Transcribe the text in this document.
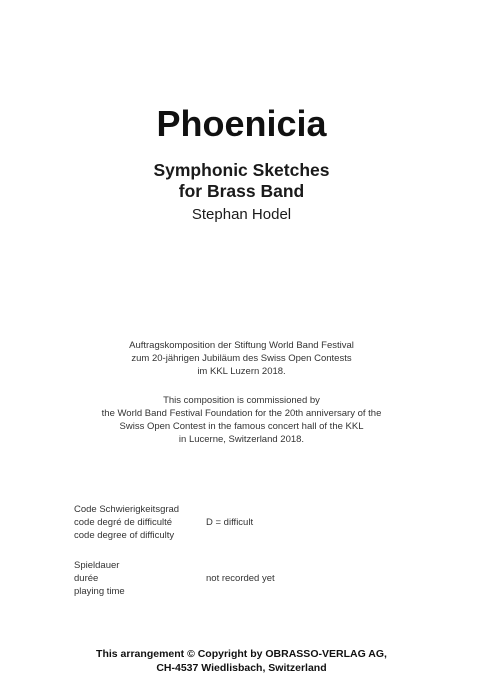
Phoenicia
Symphonic Sketches
for Brass Band
Stephan Hodel
Auftragskomposition der Stiftung World Band Festival
zum 20-jährigen Jubiläum des Swiss Open Contests
im KKL Luzern 2018.
This composition is commissioned by
the World Band Festival Foundation for the 20th anniversary of the
Swiss Open Contest in the famous concert hall of the KKL
in Lucerne, Switzerland 2018.
Code Schwierigkeitsgrad
code degré de difficulté
code degree of difficulty
D = difficult
Spieldauer
durée
playing time
not recorded yet
This arrangement © Copyright by OBRASSO-VERLAG AG,
CH-4537 Wiedlisbach, Switzerland
